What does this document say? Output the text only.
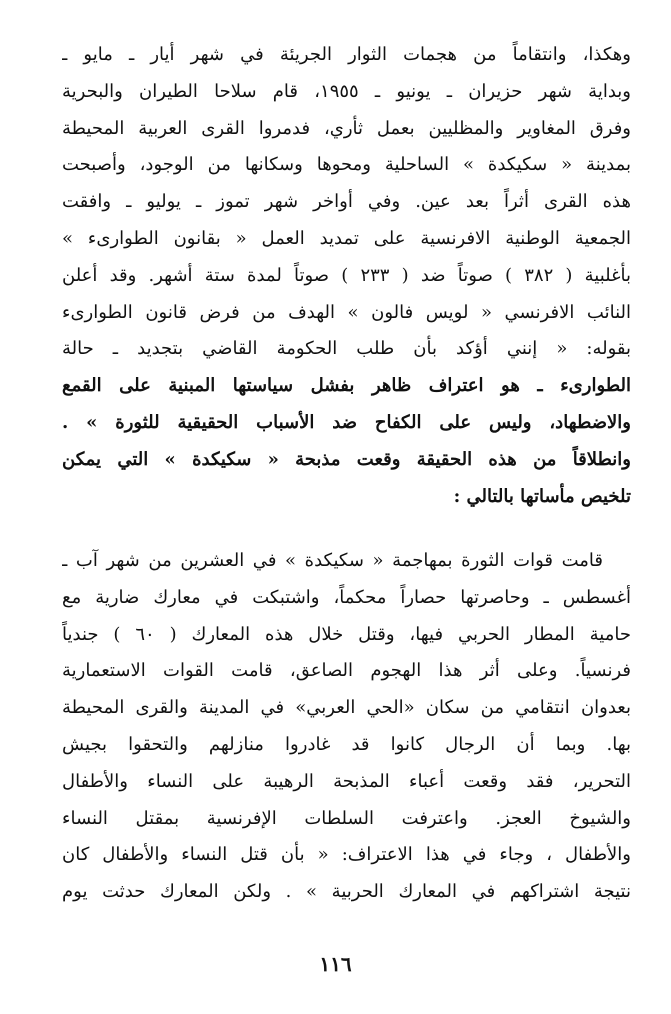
وهكذا، وانتقاماً من هجمات الثوار الجريئة في شهر أيار ـ مايو ـ
وبداية شهر حزيران ـ يونيو ـ ١٩٥٥، قام سلاحا الطيران والبحرية
وفرق المغاوير والمظليين بعمل ثأري، فدمروا القرى العربية المحيطة
بمدينة « سكيكدة » الساحلية ومحوها وسكانها من الوجود، وأصبحت
هذه القرى أثراً بعد عين. وفي أواخر شهر تموز ـ يوليو ـ وافقت
الجمعية الوطنية الافرنسية على تمديد العمل « بقانون الطوارىء »
بأغلبية ( ٣٨٢ ) صوتاً ضد ( ٢٣٣ ) صوتاً لمدة ستة أشهر. وقد أعلن
النائب الافرنسي « لويس فالون » الهدف من فرض قانون الطوارىء
بقوله: « إنني أؤكد بأن طلب الحكومة القاضي بتجديد ـ حالة
الطوارىء ـ هو اعتراف ظاهر بفشل سياستها المبنية على القمع
والاضطهاد، وليس على الكفاح ضد الأسباب الحقيقية للثورة » .
وانطلاقاً من هذه الحقيقة وقعت مذبحة « سكيكدة » التي يمكن
تلخيص مأساتها بالتالي :
قامت قوات الثورة بمهاجمة « سكيكدة » في العشرين من شهر آب ـ
أغسطس ـ وحاصرتها حصاراً محكماً، واشتبكت في معارك ضارية مع
حامية المطار الحربي فيها، وقتل خلال هذه المعارك ( ٦٠ ) جندياً
فرنسياً. وعلى أثر هذا الهجوم الصاعق، قامت القوات الاستعمارية
بعدوان انتقامي من سكان «الحي العربي» في المدينة والقرى المحيطة
بها. وبما أن الرجال كانوا قد غادروا منازلهم والتحقوا بجيش
التحرير، فقد وقعت أعباء المذبحة الرهيبة على النساء والأطفال
والشيوخ العجز. واعترفت السلطات الإفرنسية بمقتل النساء
والأطفال ، وجاء في هذا الاعتراف: « بأن قتل النساء والأطفال كان
نتيجة اشتراكهم في المعارك الحربية » . ولكن المعارك حدثت يوم
١١٦
